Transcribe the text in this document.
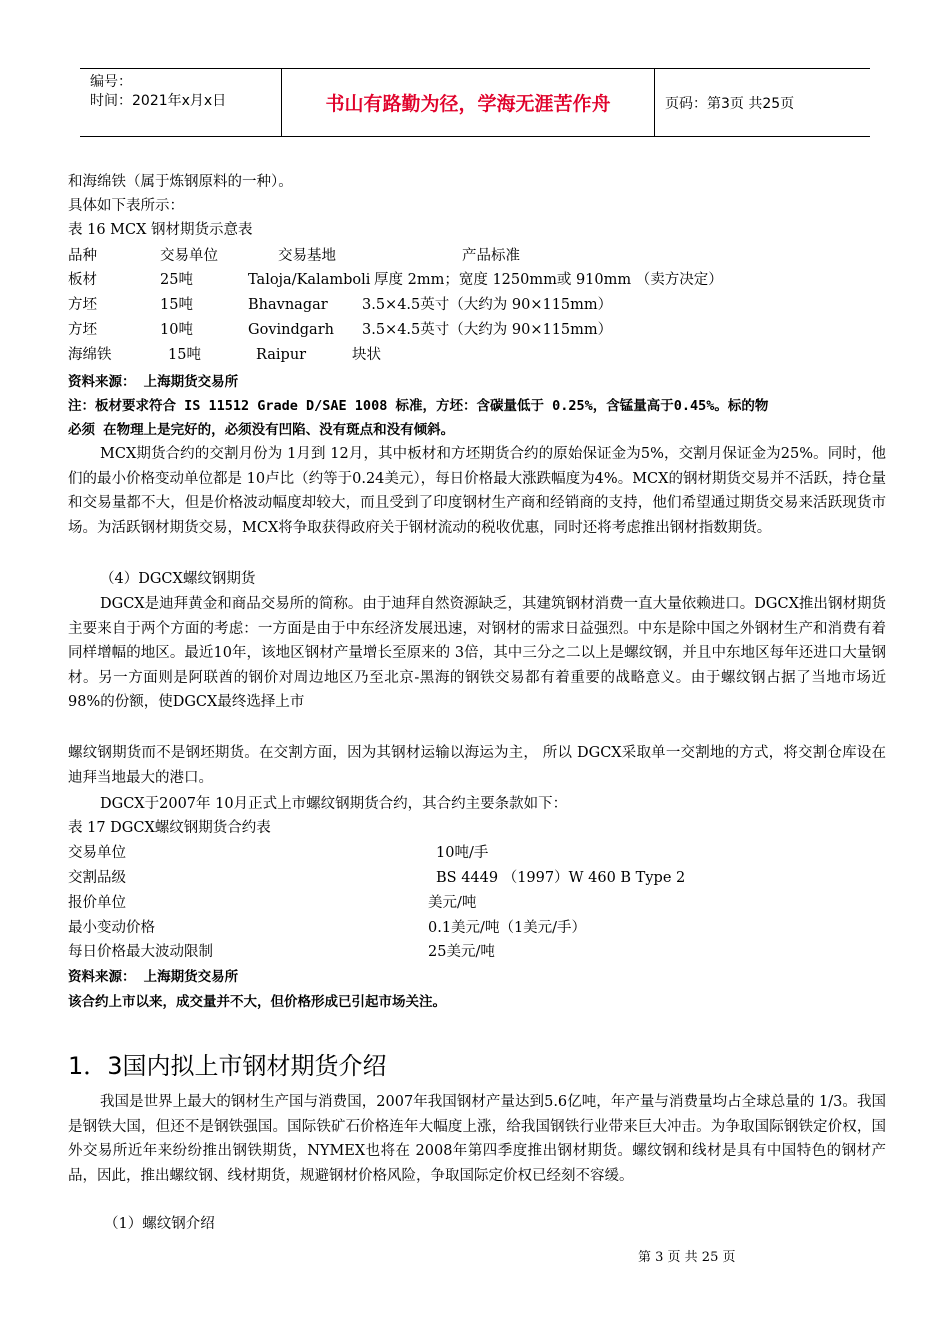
编号：
时间：2021年x月x日	书山有路勤为径，学海无涯苦作舟	页码：第3页 共25页
和海绵铁（属于炼钢原料的一种）。
具体如下表所示：
表 16 MCX 钢材期货示意表
品种	交易单位	交易基地	产品标准
板材	25吨	Taloja/Kalamboli 厚度 2mm；宽度 1250mm或 910mm （卖方决定）
方坯	15吨	Bhavnagar 3.5×4.5英寸（大约为 90×115mm）
方坯	10吨	Govindgarh 3.5×4.5英寸（大约为 90×115mm）
海绵铁	15吨	Raipur	块状
资料来源： 上海期货交易所
注：板材要求符合 IS 11512 Grade D/SAE 1008 标准，方坯：含碳量低于 0.25%，含锰量高于0.45%。标的物
必须 在物理上是完好的，必须没有凹陷、没有斑点和没有倾斜。
MCX期货合约的交割月份为 1月到 12月，其中板材和方坯期货合约的原始保证金为5%，交割月保证金为25%。同时，他们的最小价格变动单位都是 10卢比（约等于0.24美元），每日价格最大涨跌幅度为4%。MCX的钢材期货交易并不活跃，持仓量和交易量都不大，但是价格波动幅度却较大，而且受到了印度钢材生产商和经销商的支持，他们希望通过期货交易来活跃现货市场。为活跃钢材期货交易，MCX将争取获得政府关于钢材流动的税收优惠，同时还将考虑推出钢材指数期货。
（4）DGCX螺纹钢期货
DGCX是迪拜黄金和商品交易所的简称。由于迪拜自然资源缺乏，其建筑钢材消费一直大量依赖进口。DGCX推出钢材期货主要来自于两个方面的考虑：一方面是由于中东经济发展迅速，对钢材的需求日益强烈。中东是除中国之外钢材生产和消费有着同样增幅的地区。最近10年，该地区钢材产量增长至原来的 3倍，其中三分之二以上是螺纹钢，并且中东地区每年还进口大量钢材。另一方面则是阿联酋的钢价对周边地区乃至北京-黑海的钢铁交易都有着重要的战略意义。由于螺纹钢占据了当地市场近98%的份额，使DGCX最终选择上市
螺纹钢期货而不是钢坯期货。在交割方面，因为其钢材运输以海运为主， 所以 DGCX采取单一交割地的方式，将交割仓库设在迪拜当地最大的港口。
DGCX于2007年 10月正式上市螺纹钢期货合约，其合约主要条款如下：
表 17 DGCX螺纹钢期货合约表
交易单位	10吨/手
交割品级	BS 4449 （1997）W 460 B Type 2
报价单位	美元/吨
最小变动价格	0.1美元/吨（1美元/手）
每日价格最大波动限制	25美元/吨
资料来源： 上海期货交易所
该合约上市以来，成交量并不大，但价格形成已引起市场关注。
1．3国内拟上市钢材期货介绍
我国是世界上最大的钢材生产国与消费国，2007年我国钢材产量达到5.6亿吨，年产量与消费量均占全球总量的 1/3。我国是钢铁大国，但还不是钢铁强国。国际铁矿石价格连年大幅度上涨，给我国钢铁行业带来巨大冲击。为争取国际钢铁定价权，国外交易所近年来纷纷推出钢铁期货，NYMEX也将在 2008年第四季度推出钢材期货。螺纹钢和线材是具有中国特色的钢材产品，因此，推出螺纹钢、线材期货，规避钢材价格风险，争取国际定价权已经刻不容缓。
（1）螺纹钢介绍
第 3 页 共 25 页
